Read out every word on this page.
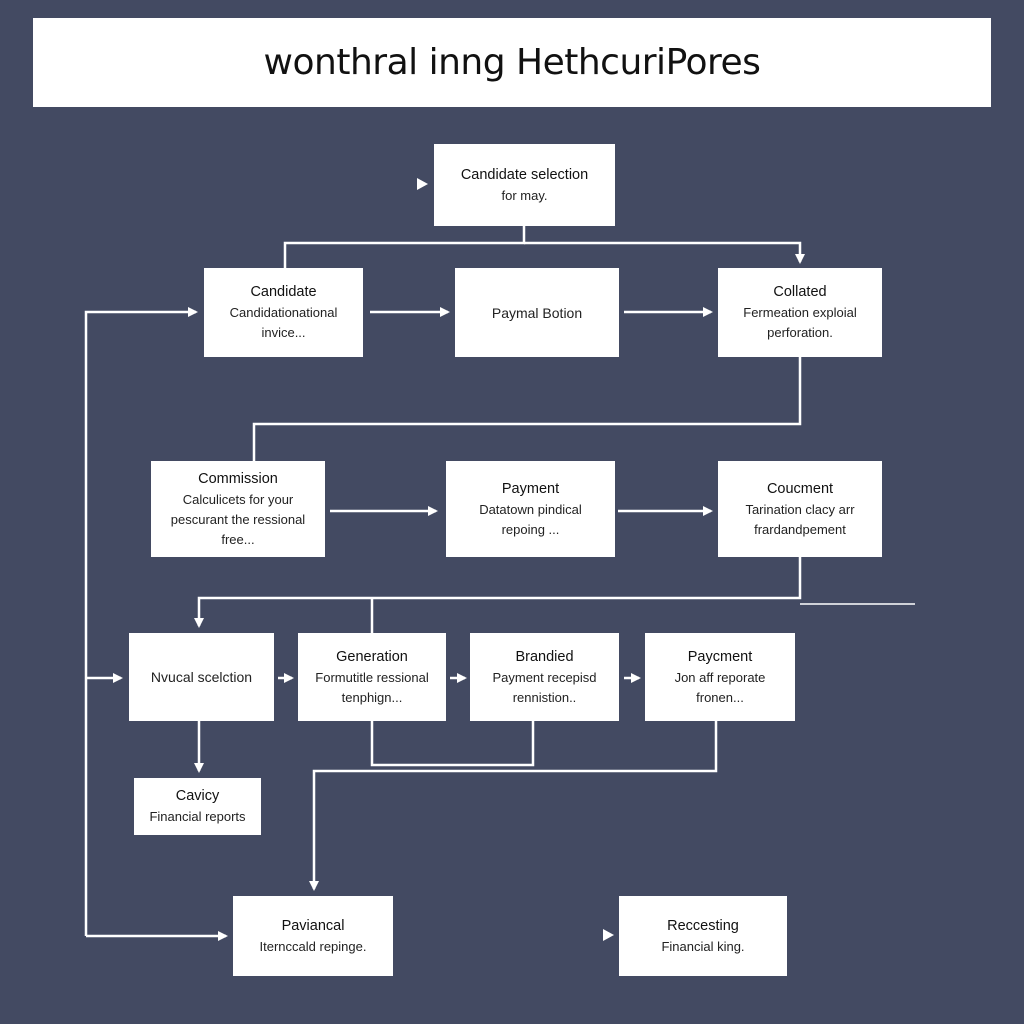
wonthral inng HethcuriPores
Candidate selection
for may.
Candidate
Candidationational
invice...
Paymal Botion
Collated
Fermeation exploial
perforation.
Commission
Calculicets for your
pescurant the ressional
free...
Payment
Datatown pindical
repoing ...
Coucment
Tarination clacy arr
frardandpement
Nvucal scelction
Generation
Formutitle ressional
tenphign...
Brandied
Payment recepisd
rennistion..
Paycment
Jon aff reporate
fronen...
Cavicy
Financial reports
Paviancal
Iternccald repinge.
Reccesting
Financial king.
